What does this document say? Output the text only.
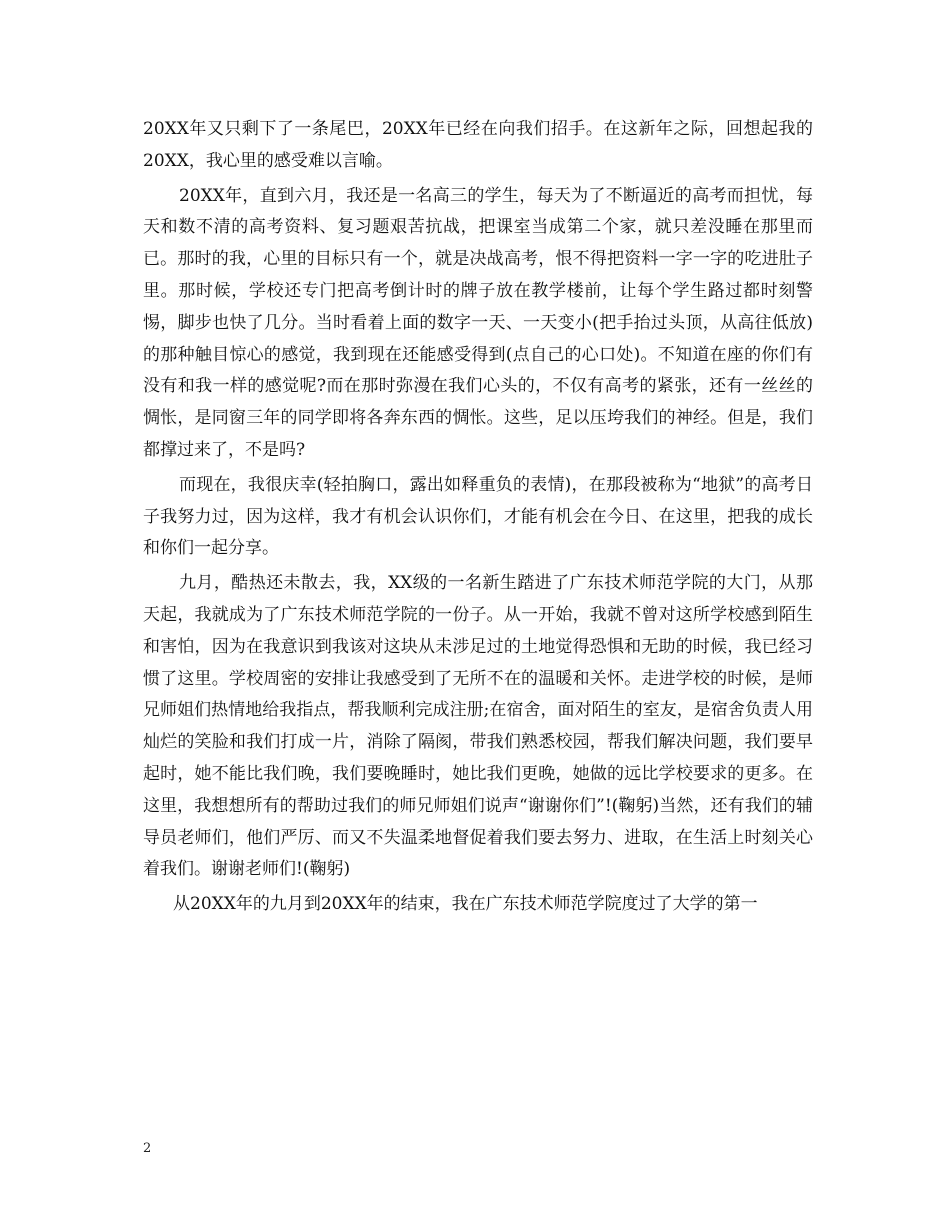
20XX年又只剩下了一条尾巴，20XX年已经在向我们招手。在这新年之际，回想起我的20XX，我心里的感受难以言喻。

20XX年，直到六月，我还是一名高三的学生，每天为了不断逼近的高考而担忧，每天和数不清的高考资料、复习题艰苦抗战，把课室当成第二个家，就只差没睡在那里而已。那时的我，心里的目标只有一个，就是决战高考，恨不得把资料一字一字的吃进肚子里。那时候，学校还专门把高考倒计时的牌子放在教学楼前，让每个学生路过都时刻警惕，脚步也快了几分。当时看着上面的数字一天、一天变小(把手抬过头顶，从高往低放)的那种触目惊心的感觉，我到现在还能感受得到(点自己的心口处)。不知道在座的你们有没有和我一样的感觉呢?而在那时弥漫在我们心头的，不仅有高考的紧张，还有一丝丝的惆怅，是同窗三年的同学即将各奔东西的惆怅。这些，足以压垮我们的神经。但是，我们都撑过来了，不是吗?

而现在，我很庆幸(轻拍胸口，露出如释重负的表情)，在那段被称为“地狱”的高考日子我努力过，因为这样，我才有机会认识你们，才能有机会在今日、在这里，把我的成长和你们一起分享。

九月，酷热还未散去，我，XX级的一名新生踏进了广东技术师范学院的大门，从那天起，我就成为了广东技术师范学院的一份子。从一开始，我就不曾对这所学校感到陌生和害怕，因为在我意识到我该对这块从未涉足过的土地觉得恐惧和无助的时候，我已经习惯了这里。学校周密的安排让我感受到了无所不在的温暖和关怀。走进学校的时候，是师兄师姐们热情地给我指点，帮我顺利完成注册;在宿舍，面对陌生的室友，是宿舍负责人用灿烂的笑脸和我们打成一片，消除了隔阂，带我们熟悉校园，帮我们解决问题，我们要早起时，她不能比我们晚，我们要晚睡时，她比我们更晚，她做的远比学校要求的更多。在这里，我想想所有的帮助过我们的师兄师姐们说声“谢谢你们”!(鞠躬)当然，还有我们的辅导员老师们，他们严厉、而又不失温柔地督促着我们要去努力、进取，在生活上时刻关心着我们。谢谢老师们!(鞠躬)

从20XX年的九月到20XX年的结束，我在广东技术师范学院度过了大学的第一

2
